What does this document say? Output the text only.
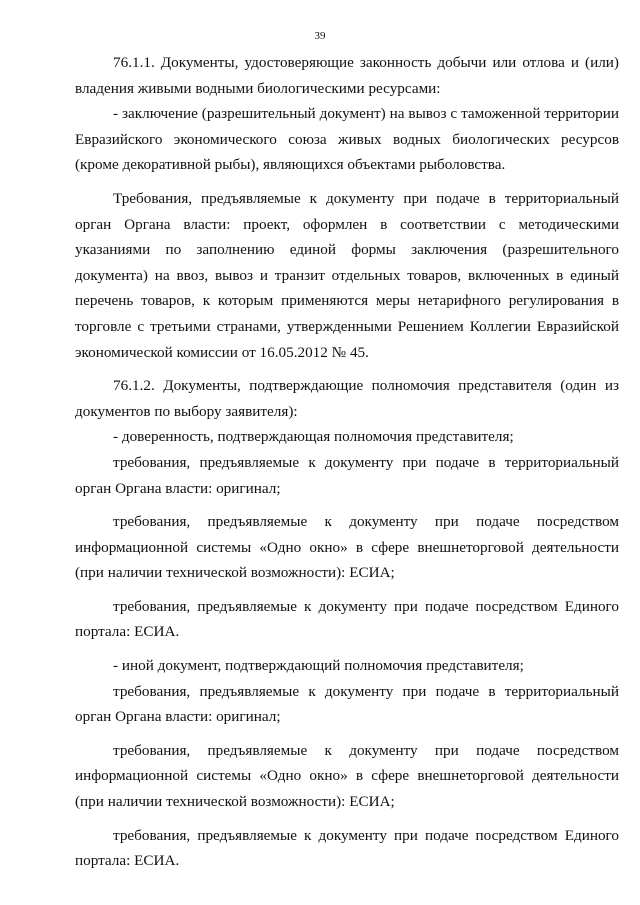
39

76.1.1. Документы, удостоверяющие законность добычи или отлова и (или) владения живыми водными биологическими ресурсами:

- заключение (разрешительный документ) на вывоз с таможенной территории Евразийского экономического союза живых водных биологических ресурсов (кроме декоративной рыбы), являющихся объектами рыболовства.

Требования, предъявляемые к документу при подаче в территориальный орган Органа власти: проект, оформлен в соответствии с методическими указаниями по заполнению единой формы заключения (разрешительного документа) на ввоз, вывоз и транзит отдельных товаров, включенных в единый перечень товаров, к которым применяются меры нетарифного регулирования в торговле с третьими странами, утвержденными Решением Коллегии Евразийской экономической комиссии от 16.05.2012 № 45.

76.1.2. Документы, подтверждающие полномочия представителя (один из документов по выбору заявителя):

- доверенность, подтверждающая полномочия представителя;

требования, предъявляемые к документу при подаче в территориальный орган Органа власти: оригинал;

требования, предъявляемые к документу при подаче посредством информационной системы «Одно окно» в сфере внешнеторговой деятельности (при наличии технической возможности): ЕСИА;

требования, предъявляемые к документу при подаче посредством Единого портала: ЕСИА.

- иной документ, подтверждающий полномочия представителя;

требования, предъявляемые к документу при подаче в территориальный орган Органа власти: оригинал;

требования, предъявляемые к документу при подаче посредством информационной системы «Одно окно» в сфере внешнеторговой деятельности (при наличии технической возможности): ЕСИА;

требования, предъявляемые к документу при подаче посредством Единого портала: ЕСИА.
